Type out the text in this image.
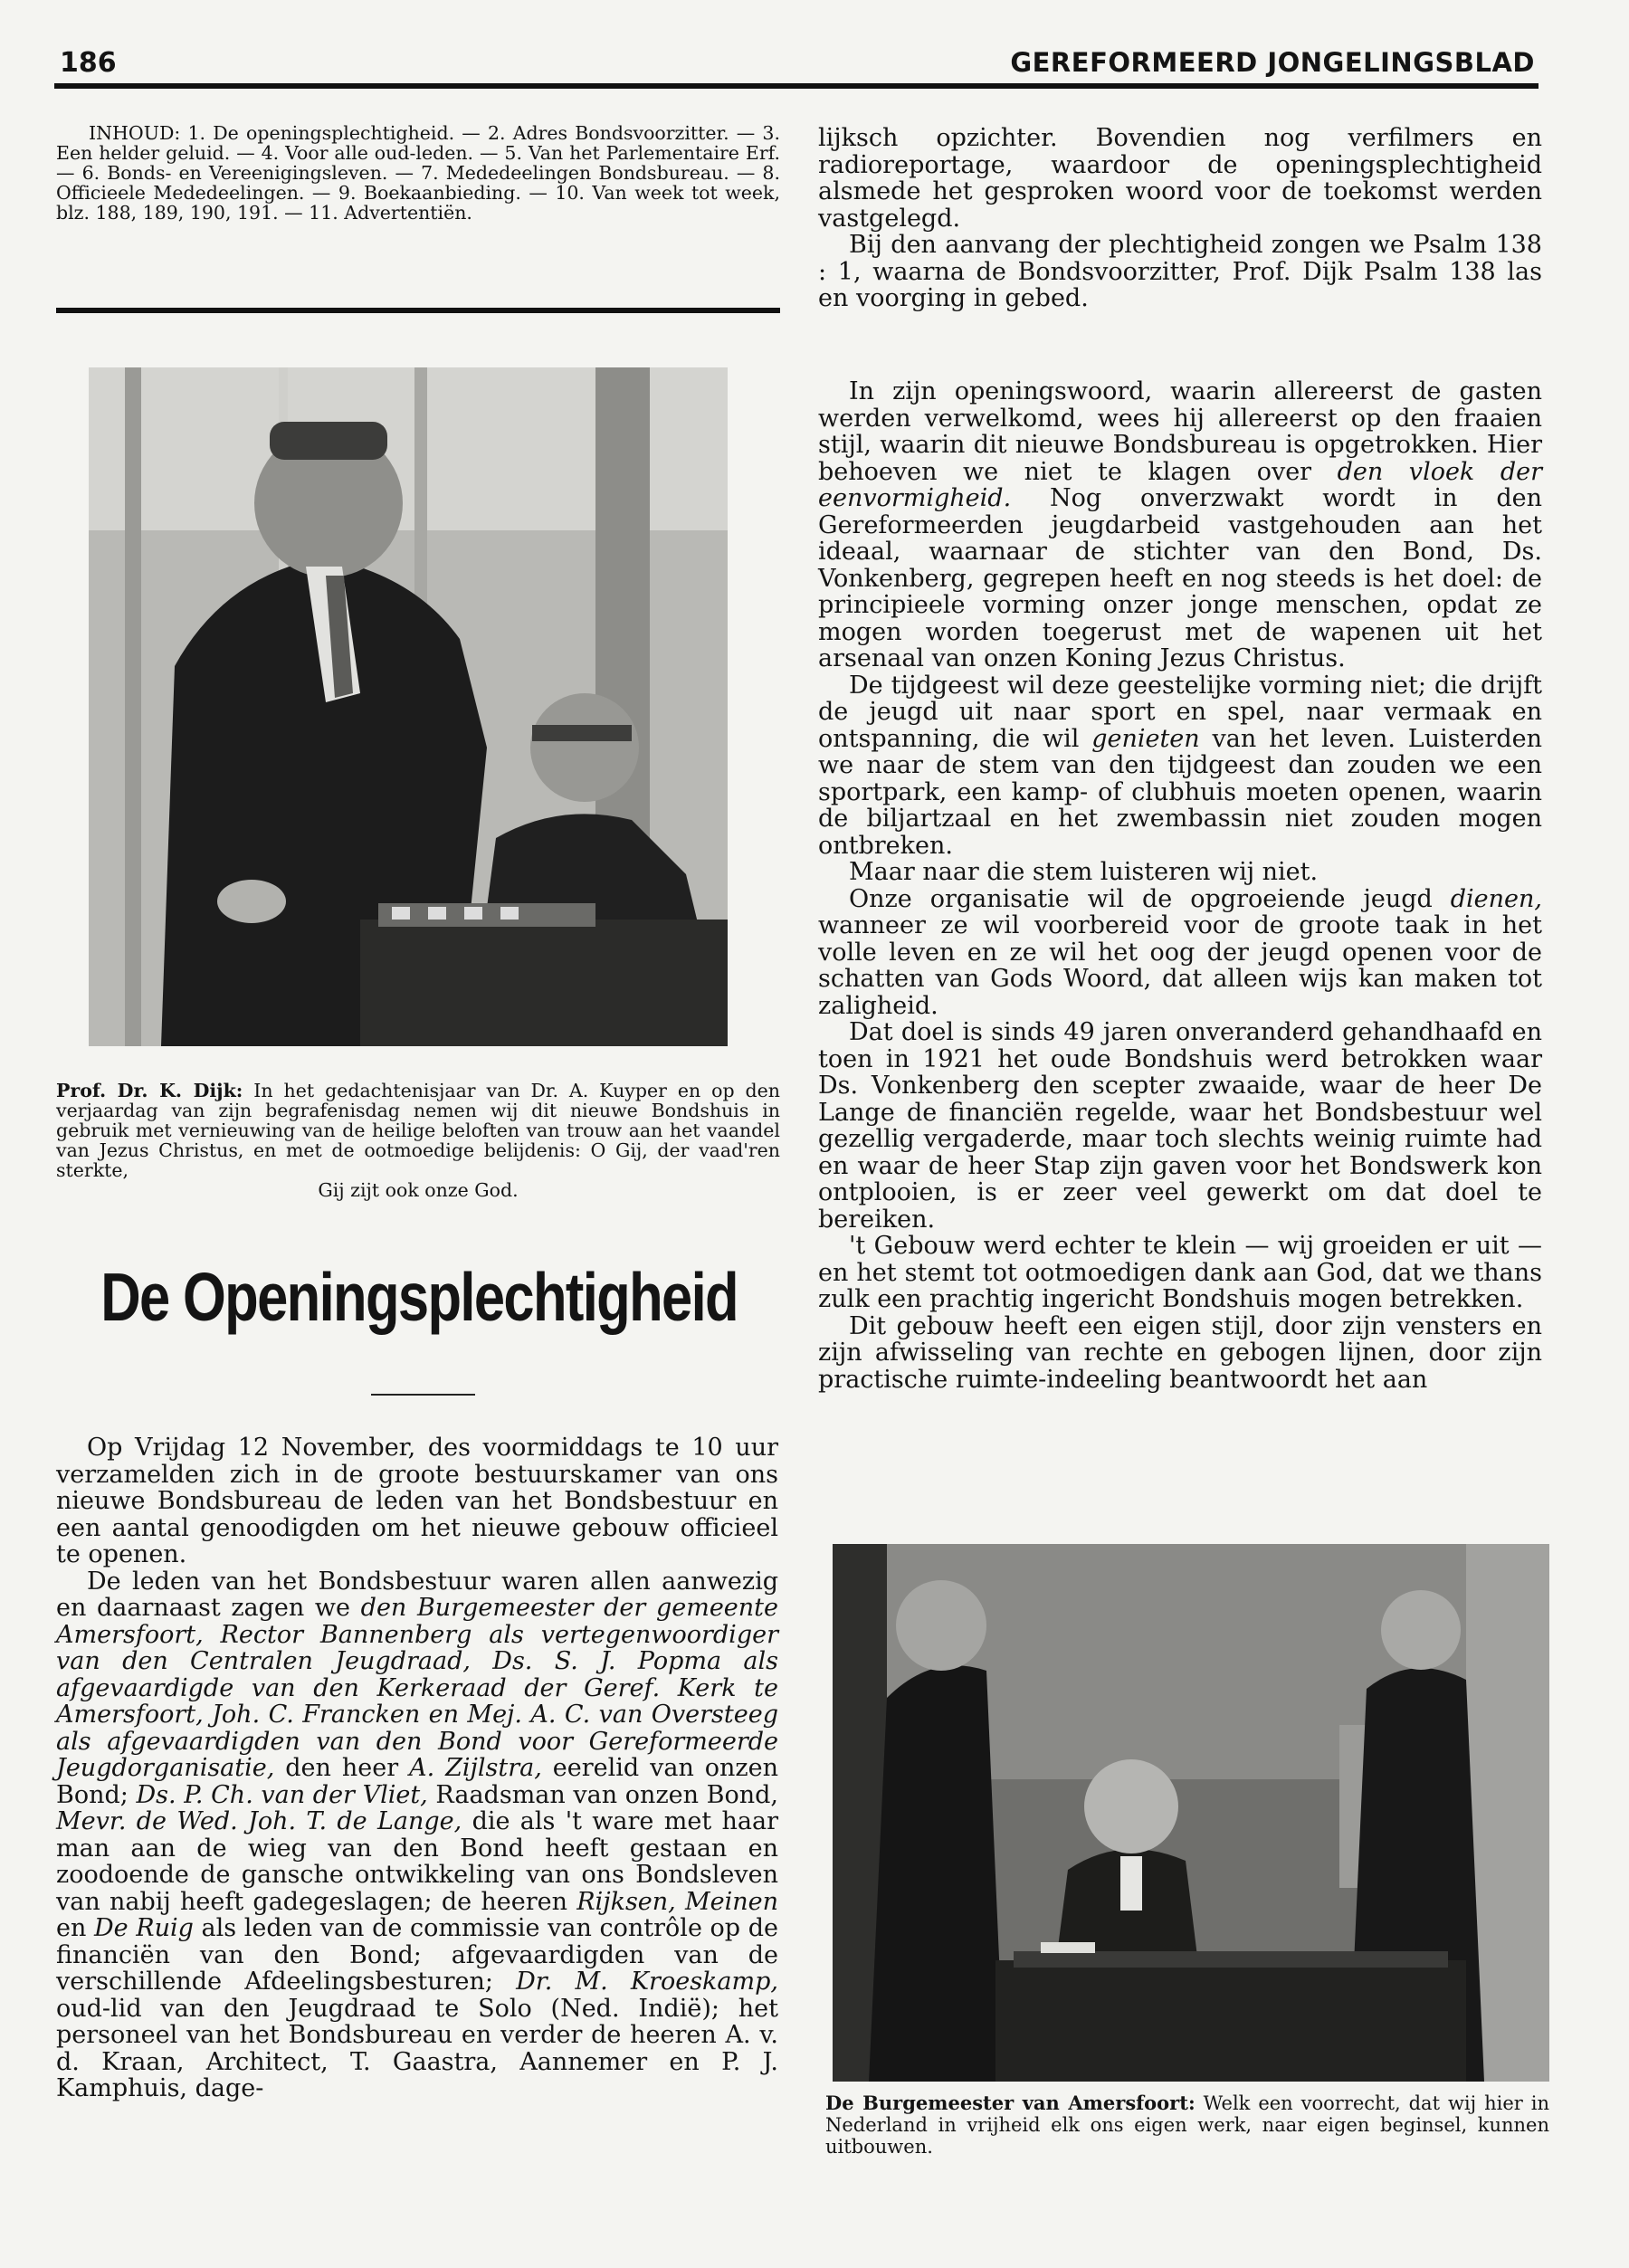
186	GEREFORMEERD JONGELINGSBLAD

INHOUD: 1. De openingsplechtigheid. — 2. Adres Bondsvoorzitter. — 3. Een helder geluid. — 4. Voor alle oud-leden. — 5. Van het Parlementaire Erf. — 6. Bonds- en Vereenigingsleven. — 7. Mededeelingen Bondsbureau. — 8. Officieele Mededeelingen. — 9. Boekaanbieding. — 10. Van week tot week, blz. 188, 189, 190, 191. — 11. Advertentiën.

Prof. Dr. K. Dijk: In het gedachtenisjaar van Dr. A. Kuyper en op den verjaardag van zijn begrafenisdag nemen wij dit nieuwe Bondshuis in gebruik met vernieuwing van de heilige beloften van trouw aan het vaandel van Jezus Christus, en met de ootmoedige belijdenis: O Gij, der vaad'ren sterkte,
Gij zijt ook onze God.
De Openingsplechtigheid

Op Vrijdag 12 November, des voormiddags te 10 uur verzamelden zich in de groote bestuurskamer van ons nieuwe Bondsbureau de leden van het Bondsbestuur en een aantal genoodigden om het nieuwe gebouw officieel te openen.

De leden van het Bondsbestuur waren allen aanwezig en daarnaast zagen we den Burgemeester der gemeente Amersfoort, Rector Bannenberg als vertegenwoordiger van den Centralen Jeugdraad, Ds. S. J. Popma als afgevaardigde van den Kerkeraad der Geref. Kerk te Amersfoort, Joh. C. Francken en Mej. A. C. van Oversteeg als afgevaardigden van den Bond voor Gereformeerde Jeugdorganisatie, den heer A. Zijlstra, eerelid van onzen Bond; Ds. P. Ch. van der Vliet, Raadsman van onzen Bond, Mevr. de Wed. Joh. T. de Lange, die als 't ware met haar man aan de wieg van den Bond heeft gestaan en zoodoende de gansche ontwikkeling van ons Bondsleven van nabij heeft gadegeslagen; de heeren Rijksen, Meinen en De Ruig als leden van de commissie van contrôle op de financiën van den Bond; afgevaardigden van de verschillende Afdeelingsbesturen; Dr. M. Kroeskamp, oud-lid van den Jeugdraad te Solo (Ned. Indië); het personeel van het Bondsbureau en verder de heeren A. v. d. Kraan, Architect, T. Gaastra, Aannemer en P. J. Kamphuis, dage-

lijksch opzichter. Bovendien nog verfilmers en radioreportage, waardoor de openingsplechtigheid alsmede het gesproken woord voor de toekomst werden vastgelegd.

Bij den aanvang der plechtigheid zongen we Psalm 138 : 1, waarna de Bondsvoorzitter, Prof. Dijk Psalm 138 las en voorging in gebed.

In zijn openingswoord, waarin allereerst de gasten werden verwelkomd, wees hij allereerst op den fraaien stijl, waarin dit nieuwe Bondsbureau is opgetrokken. Hier behoeven we niet te klagen over den vloek der eenvormigheid. Nog onverzwakt wordt in den Gereformeerden jeugdarbeid vastgehouden aan het ideaal, waarnaar de stichter van den Bond, Ds. Vonkenberg, gegrepen heeft en nog steeds is het doel: de principieele vorming onzer jonge menschen, opdat ze mogen worden toegerust met de wapenen uit het arsenaal van onzen Koning Jezus Christus.

De tijdgeest wil deze geestelijke vorming niet; die drijft de jeugd uit naar sport en spel, naar vermaak en ontspanning, die wil genieten van het leven. Luisterden we naar de stem van den tijdgeest dan zouden we een sportpark, een kamp- of clubhuis moeten openen, waarin de biljartzaal en het zwembassin niet zouden mogen ontbreken.

Maar naar die stem luisteren wij niet.

Onze organisatie wil de opgroeiende jeugd dienen, wanneer ze wil voorbereid voor de groote taak in het volle leven en ze wil het oog der jeugd openen voor de schatten van Gods Woord, dat alleen wijs kan maken tot zaligheid.

Dat doel is sinds 49 jaren onveranderd gehandhaafd en toen in 1921 het oude Bondshuis werd betrokken waar Ds. Vonkenberg den scepter zwaaide, waar de heer De Lange de financiën regelde, waar het Bondsbestuur wel gezellig vergaderde, maar toch slechts weinig ruimte had en waar de heer Stap zijn gaven voor het Bondswerk kon ontplooien, is er zeer veel gewerkt om dat doel te bereiken.

't Gebouw werd echter te klein — wij groeiden er uit — en het stemt tot ootmoedigen dank aan God, dat we thans zulk een prachtig ingericht Bondshuis mogen betrekken.

Dit gebouw heeft een eigen stijl, door zijn vensters en zijn afwisseling van rechte en gebogen lijnen, door zijn practische ruimte-indeeling beantwoordt het aan

De Burgemeester van Amersfoort: Welk een voorrecht, dat wij hier in Nederland in vrijheid elk ons eigen werk, naar eigen beginsel, kunnen uitbouwen.
